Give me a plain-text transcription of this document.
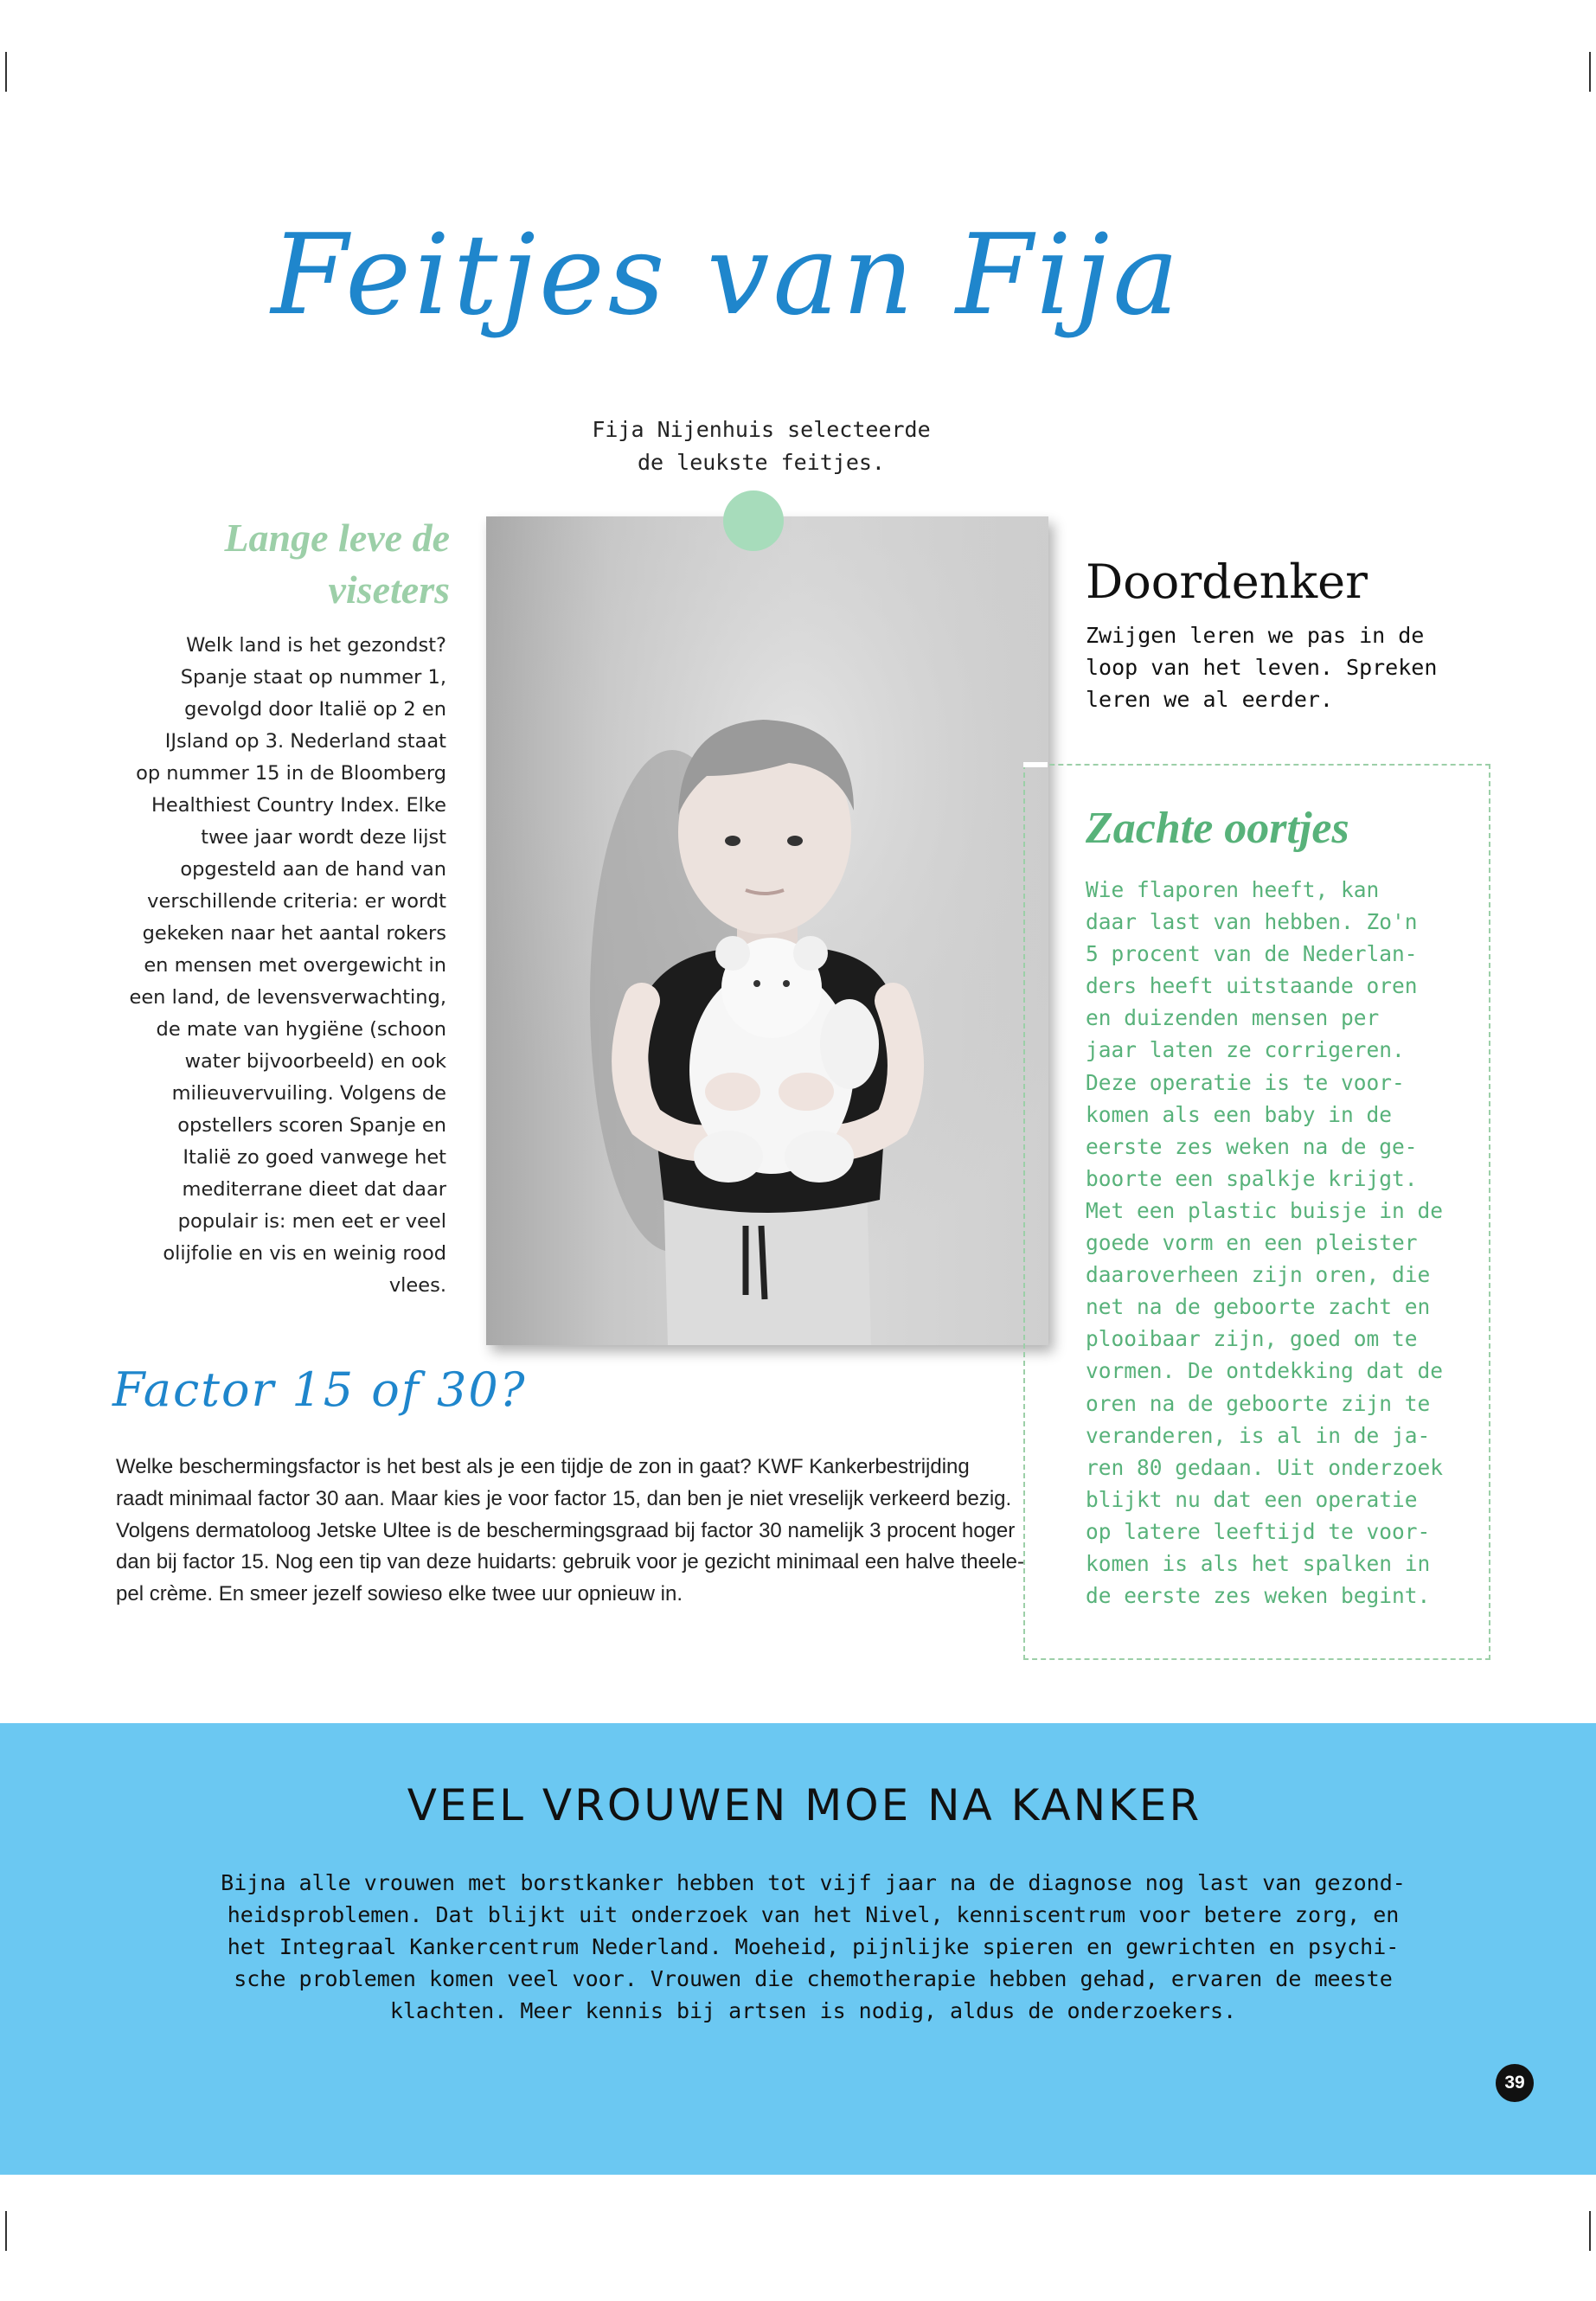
Feitjes van Fija
Fija Nijenhuis selecteerde
de leukste feitjes.
Lange leve de
viseters
Welk land is het gezondst?
Spanje staat op nummer 1,
gevolgd door Italië op 2 en
IJsland op 3. Nederland staat
op nummer 15 in de Bloomberg
Healthiest Country Index. Elke
twee jaar wordt deze lijst
opgesteld aan de hand van
verschillende criteria: er wordt
gekeken naar het aantal rokers
en mensen met overgewicht in
een land, de levensverwachting,
de mate van hygiëne (schoon
water bijvoorbeeld) en ook
milieuvervuiling. Volgens de
opstellers scoren Spanje en
Italië zo goed vanwege het
mediterrane dieet dat daar
populair is: men eet er veel
olijfolie en vis en weinig rood
vlees.
Doordenker
Zwijgen leren we pas in de
loop van het leven. Spreken
leren we al eerder.
Zachte oortjes
Wie flaporen heeft, kan
daar last van hebben. Zo'n
5 procent van de Nederlan-
ders heeft uitstaande oren
en duizenden mensen per
jaar laten ze corrigeren.
Deze operatie is te voor-
komen als een baby in de
eerste zes weken na de ge-
boorte een spalkje krijgt.
Met een plastic buisje in de
goede vorm en een pleister
daaroverheen zijn oren, die
net na de geboorte zacht en
plooibaar zijn, goed om te
vormen. De ontdekking dat de
oren na de geboorte zijn te
veranderen, is al in de ja-
ren 80 gedaan. Uit onderzoek
blijkt nu dat een operatie
op latere leeftijd te voor-
komen is als het spalken in
de eerste zes weken begint.
Factor 15 of 30?
Welke beschermingsfactor is het best als je een tijdje de zon in gaat? KWF Kankerbestrijding
raadt minimaal factor 30 aan. Maar kies je voor factor 15, dan ben je niet vreselijk verkeerd bezig.
Volgens dermatoloog Jetske Ultee is de beschermingsgraad bij factor 30 namelijk 3 procent hoger
dan bij factor 15. Nog een tip van deze huidarts: gebruik voor je gezicht minimaal een halve theele-
pel crème. En smeer jezelf sowieso elke twee uur opnieuw in.
VEEL VROUWEN MOE NA KANKER
Bijna alle vrouwen met borstkanker hebben tot vijf jaar na de diagnose nog last van gezond-
heidsproblemen. Dat blijkt uit onderzoek van het Nivel, kenniscentrum voor betere zorg, en
het Integraal Kankercentrum Nederland. Moeheid, pijnlijke spieren en gewrichten en psychi-
sche problemen komen veel voor. Vrouwen die chemotherapie hebben gehad, ervaren de meeste
klachten. Meer kennis bij artsen is nodig, aldus de onderzoekers.
39
